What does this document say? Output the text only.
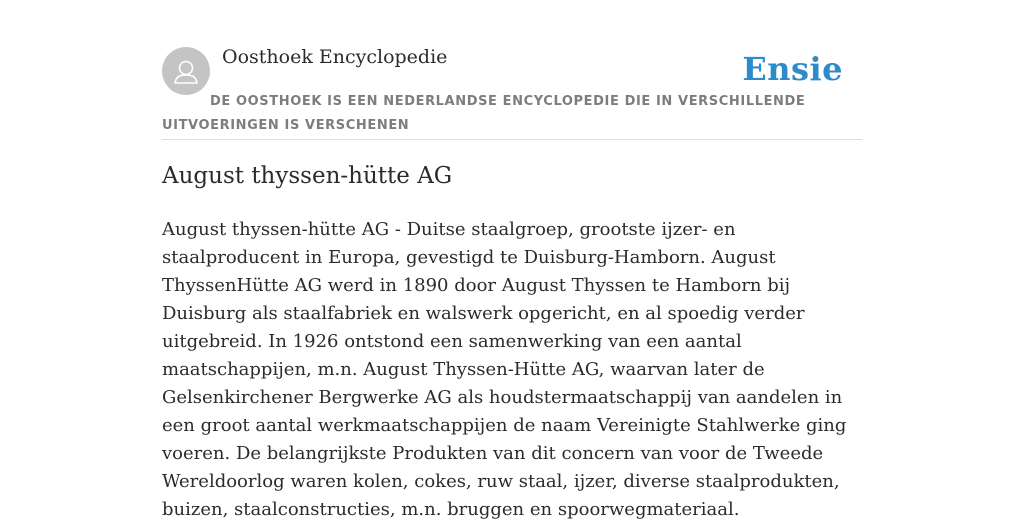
Oosthoek Encyclopedie	Ensie
DE OOSTHOEK IS EEN NEDERLANDSE ENCYCLOPEDIE DIE IN VERSCHILLENDE UITVOERINGEN IS VERSCHENEN
August thyssen-hütte AG

August thyssen-hütte AG - Duitse staalgroep, grootste ijzer- en staalproducent in Europa, gevestigd te Duisburg-Hamborn. August ThyssenHütte AG werd in 1890 door August Thyssen te Hamborn bij Duisburg als staalfabriek en walswerk opgericht, en al spoedig verder uitgebreid. In 1926 ontstond een samenwerking van een aantal maatschappijen, m.n. August Thyssen-Hütte AG, waarvan later de Gelsenkirchener Bergwerke AG als houdstermaatschappij van aandelen in een groot aantal werkmaatschappijen de naam Vereinigte Stahlwerke ging voeren. De belangrijkste Produkten van dit concern van voor de Tweede Wereldoorlog waren kolen, cokes, ruw staal, ijzer, diverse staalprodukten, buizen, staalconstructies, m.n. bruggen en spoorwegmateriaal.
